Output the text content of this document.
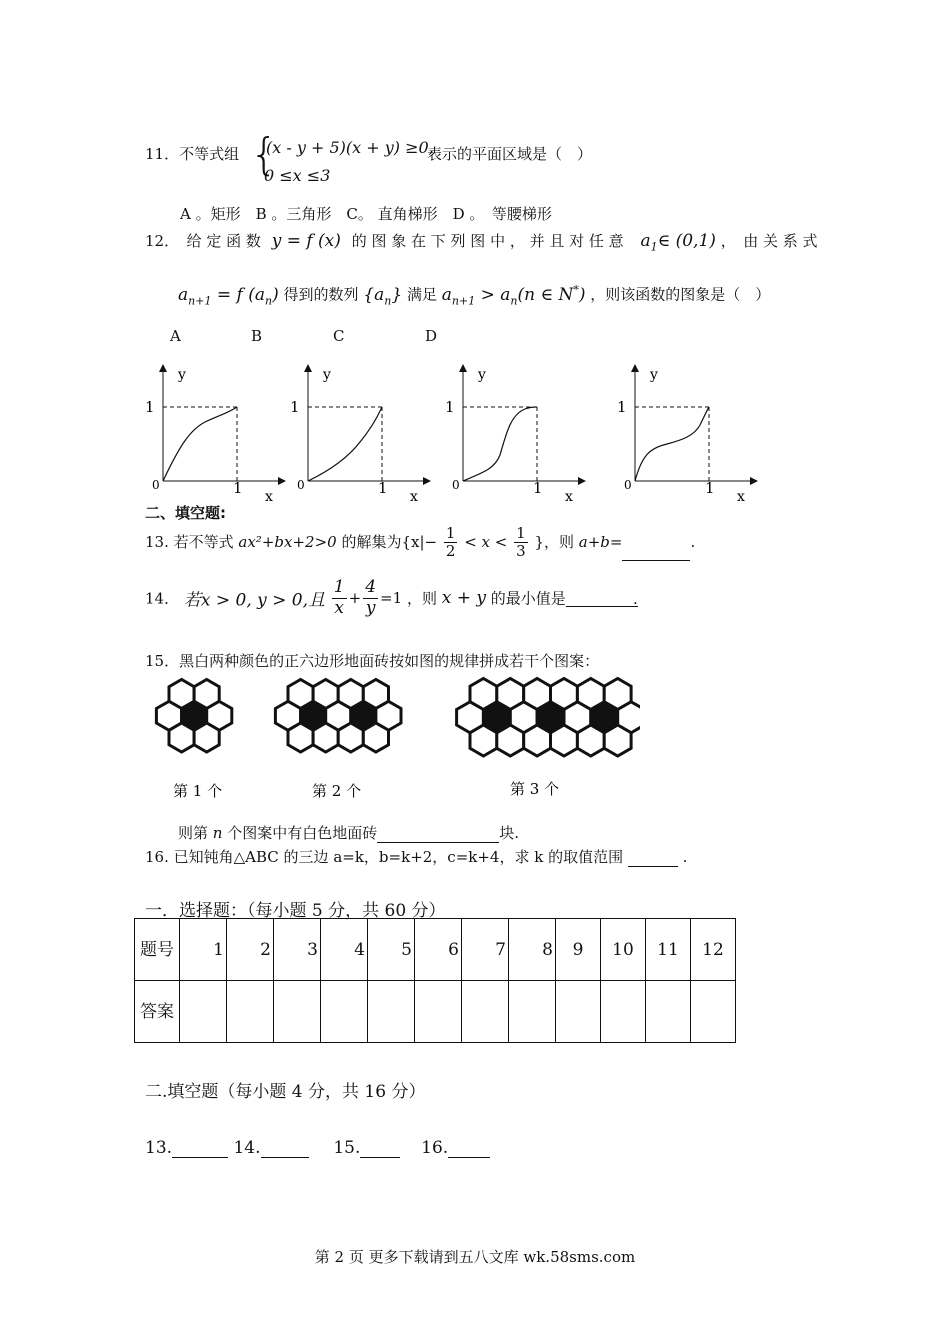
11．不等式组 {
(x - y + 5)(x + y) ≥0,
表示的平面区域是（　）
0 ≤x ≤3
A 。矩形　B 。三角形　C。 直角梯形　D 。　等腰梯形
12．　给 定 函 数 y = f (x) 的 图 象 在 下 列 图 中 ， 并 且 对 任 意 $a_1\in$ (0,1) ，　由 关 系 式
$a_{n+1} = f$ $(a_n)$ 得到的数列 $\{a_n\}$ 满足 $a_{n+1} > a_n(n$ ∈ N*) ，则该函数的图象是（　）
A	B	C	D
y
1
0	1 x
y
1
0	1 x
y
1
0	1 x
y
1
0	1 x
二、填空题:
13. 若不等式 ax²+bx+2>0 的解集为{$x|- \frac{1}{2} < x < \frac{1}{3}$ }，则 a+b=	.
14． 若x > 0, y > 0,且 $\frac{1}{x} + \frac{4}{y} =1$ ，则 x + y 的最小值是	.
15．黑白两种颜色的正六边形地面砖按如图的规律拼成若干个图案：
第 1 个	第 2 个	第 3 个
则第 n 个图案中有白色地面砖	块.
16. 已知钝角△ABC 的三边 a=k，b=k+2，c=k+4，求 k 的取值范围	.
一．选择题：（每小题 5 分，共 60 分）
题号	1	2	3	4	5	6	7	8	9	10	11	12
答案												
二.填空题（每小题 4 分，共 16 分）
13.	14.	15.	16.
第 2 页 更多下载请到五八文库 wk.58sms.com
